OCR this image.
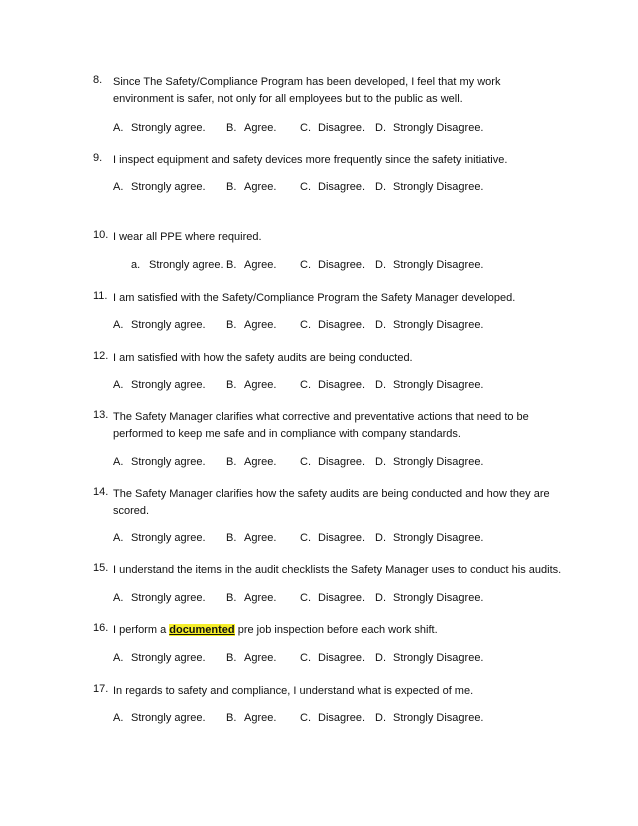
8. Since The Safety/Compliance Program has been developed, I feel that my work environment is safer, not only for all employees but to the public as well.
A. Strongly agree. B. Agree. C. Disagree. D. Strongly Disagree.
9. I inspect equipment and safety devices more frequently since the safety initiative.
A. Strongly agree. B. Agree. C. Disagree. D. Strongly Disagree.
10. I wear all PPE where required.
a. Strongly agree. B. Agree. C. Disagree. D. Strongly Disagree.
11. I am satisfied with the Safety/Compliance Program the Safety Manager developed.
A. Strongly agree. B. Agree. C. Disagree. D. Strongly Disagree.
12. I am satisfied with how the safety audits are being conducted.
A. Strongly agree. B. Agree. C. Disagree. D. Strongly Disagree.
13. The Safety Manager clarifies what corrective and preventative actions that need to be performed to keep me safe and in compliance with company standards.
A. Strongly agree. B. Agree. C. Disagree. D. Strongly Disagree.
14. The Safety Manager clarifies how the safety audits are being conducted and how they are scored.
A. Strongly agree. B. Agree. C. Disagree. D. Strongly Disagree.
15. I understand the items in the audit checklists the Safety Manager uses to conduct his audits.
A. Strongly agree. B. Agree. C. Disagree. D. Strongly Disagree.
16. I perform a documented pre job inspection before each work shift.
A. Strongly agree. B. Agree. C. Disagree. D. Strongly Disagree.
17. In regards to safety and compliance, I understand what is expected of me.
A. Strongly agree. B. Agree. C. Disagree. D. Strongly Disagree.
